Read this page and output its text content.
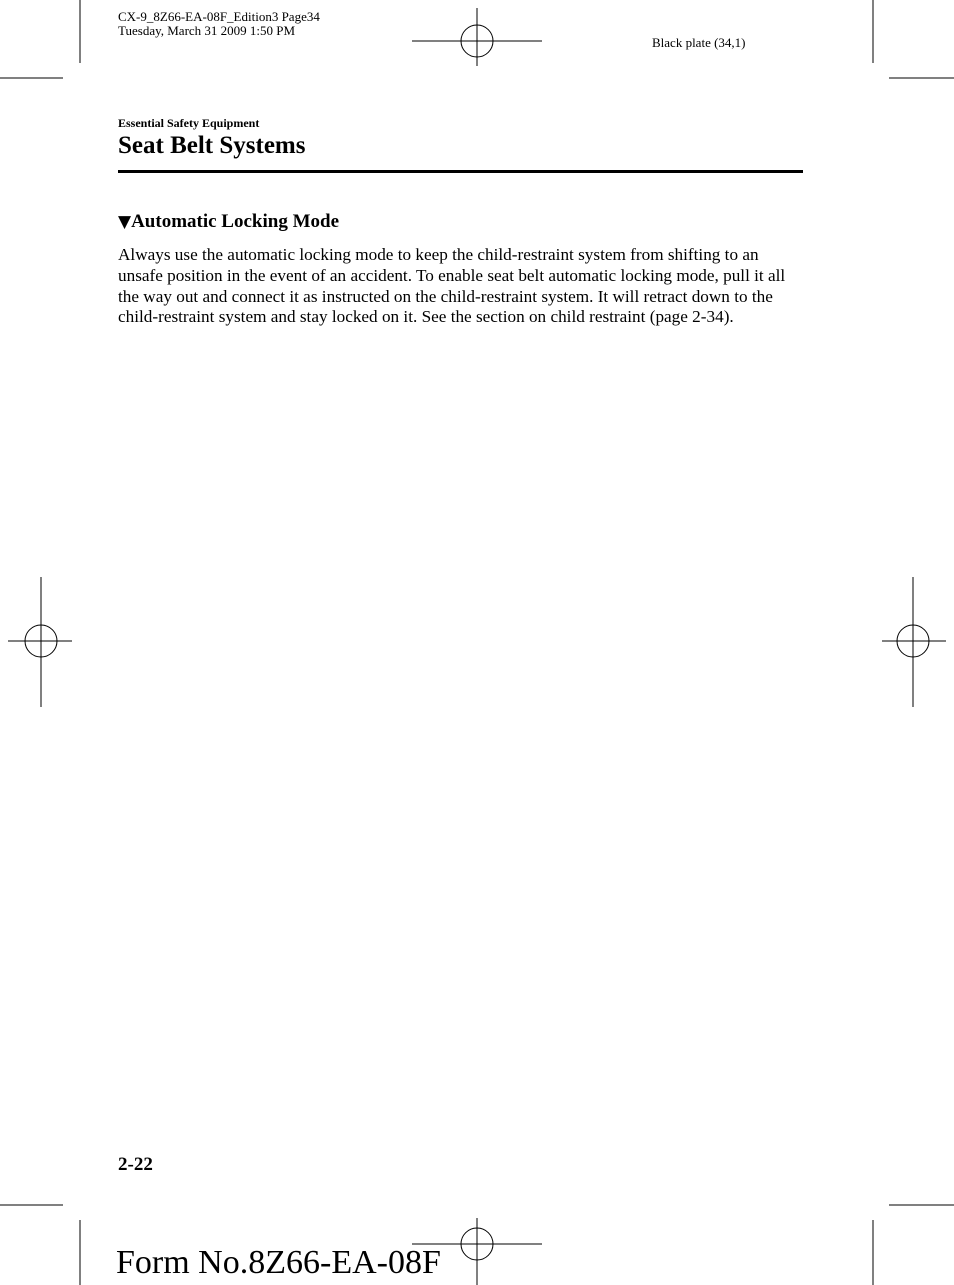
CX-9_8Z66-EA-08F_Edition3 Page34
Tuesday, March 31 2009 1:50 PM
Black plate (34,1)
Essential Safety Equipment
Seat Belt Systems
▼Automatic Locking Mode
Always use the automatic locking mode to keep the child-restraint system from shifting to an unsafe position in the event of an accident. To enable seat belt automatic locking mode, pull it all the way out and connect it as instructed on the child-restraint system. It will retract down to the child-restraint system and stay locked on it. See the section on child restraint (page 2-34).
2-22
Form No.8Z66-EA-08F
